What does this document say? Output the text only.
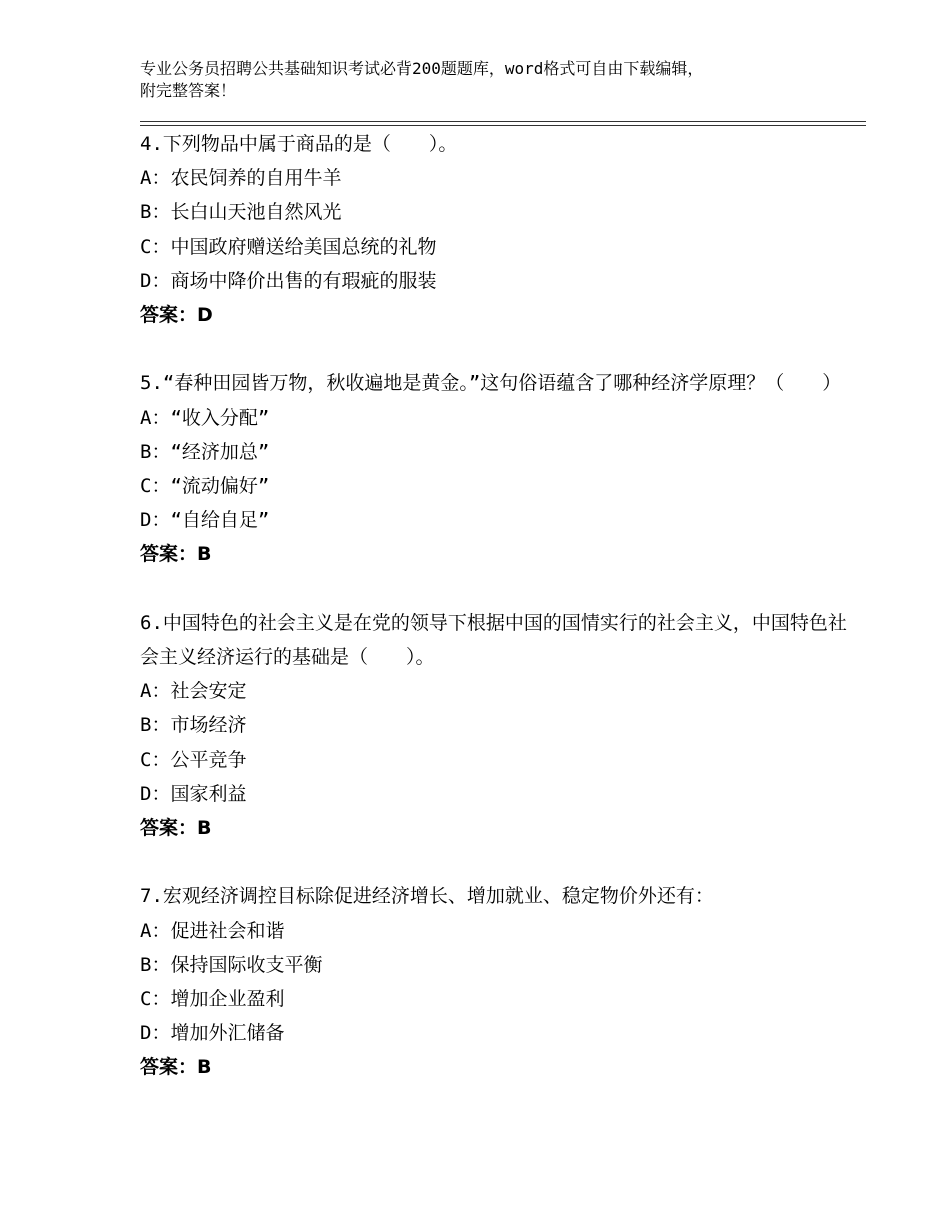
专业公务员招聘公共基础知识考试必背200题题库，word格式可自由下载编辑，
附完整答案！
4.下列物品中属于商品的是（　　）。
A：农民饲养的自用牛羊
B：长白山天池自然风光
C：中国政府赠送给美国总统的礼物
D：商场中降价出售的有瑕疵的服装
答案：D
5.“春种田园皆万物，秋收遍地是黄金。”这句俗语蕴含了哪种经济学原理？（　　）
A：“收入分配”
B：“经济加总”
C：“流动偏好”
D：“自给自足”
答案：B
6.中国特色的社会主义是在党的领导下根据中国的国情实行的社会主义，中国特色社会主义经济运行的基础是（　　）。
A：社会安定
B：市场经济
C：公平竞争
D：国家利益
答案：B
7.宏观经济调控目标除促进经济增长、增加就业、稳定物价外还有：
A：促进社会和谐
B：保持国际收支平衡
C：增加企业盈利
D：增加外汇储备
答案：B
